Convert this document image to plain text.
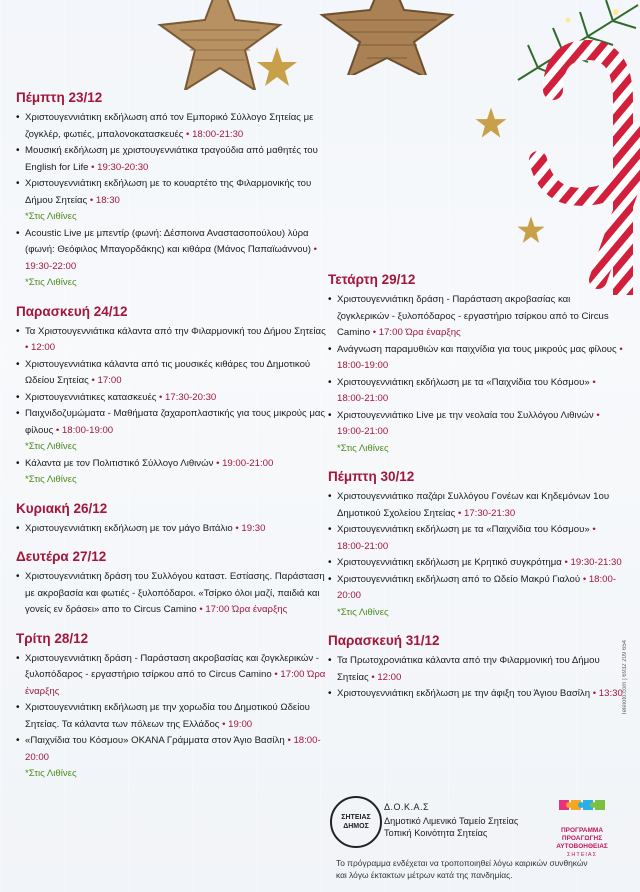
Πέμπτη 23/12
• Χριστουγεννιάτικη εκδήλωση από τον Εμπορικό Σύλλογο Σητείας με ζογκλέρ, φωτιές, μπαλονοκατασκευές • 18:00-21:30
• Μουσική εκδήλωση με χριστουγεννιάτικα τραγούδια από μαθητές του English for Life • 19:30-20:30
• Χριστουγεννιάτικη εκδήλωση με το κουαρτέτο της Φιλαρμονικής του Δήμου Σητείας • 18:30
*Στις Λιθίνες
• Acoustic Live με μπεντίρ (φωνή: Δέσποινα Αναστασοπούλου) λύρα (φωνή: Θεόφιλος Μπαγορδάκης) και κιθάρα (Μάνος Παπαϊωάννου) • 19:30-22:00
*Στις Λιθίνες
Παρασκευή 24/12
• Τα Χριστουγεννιάτικα κάλαντα από την Φιλαρμονική του Δήμου Σητείας • 12:00
• Χριστουγεννιάτικα κάλαντα από τις μουσικές κιθάρες του Δημοτικού Ωδείου Σητείας • 17:00
• Χριστουγεννιάτικες κατασκευές • 17:30-20:30
• Παιχνιδοζυμώματα - Μαθήματα ζαχαροπλαστικής για τους μικρούς μας φίλους • 18:00-19:00
*Στις Λιθίνες
• Κάλαντα με τον Πολιτιστικό Σύλλογο Λιθινών • 19:00-21:00
*Στις Λιθίνες
Κυριακή 26/12
• Χριστουγεννιάτικη εκδήλωση με τον μάγο Βιτάλιο • 19:30
Δευτέρα 27/12
• Χριστουγεννιάτικη δράση του Συλλόγου καταστ. Εστίασης. Παράσταση με ακροβασία και φωτιές - ξυλοπόδαροι. «Τσίρκο όλοι μαζί, παιδιά και γονείς εν δράσει» απο το Circus Camino • 17:00 Ώρα έναρξης
Τρίτη 28/12
• Χριστουγεννιάτικη δράση - Παράσταση ακροβασίας και ζογκλερικών - ξυλοπόδαρος - εργαστήριο τσίρκου από το Circus Camino • 17:00 Ώρα έναρξης
• Χριστουγεννιάτικη εκδήλωση με την χορωδία του Δημοτικού Ωδείου Σητείας. Τα κάλαντα των πόλεων της Ελλάδος • 19:00
• «Παιχνίδια του Κόσμου» ΟΚΑΝΑ Γράμματα στον Άγιο Βασίλη • 18:00-20:00
*Στις Λιθίνες
Τετάρτη 29/12
• Χριστουγεννιάτικη δράση - Παράσταση ακροβασίας και ζογκλερικών - ξυλοπόδαρος - εργαστήριο τσίρκου από το Circus Camino • 17:00 Ώρα έναρξης
• Ανάγνωση παραμυθιών και παιχνίδια για τους μικρούς μας φίλους • 18:00-19:00
• Χριστουγεννιάτικη εκδήλωση με τα «Παιχνίδια του Κόσμου» • 18:00-21:00
• Χριστουγεννιάτικο Live με την νεολαία του Συλλόγου Λιθινών • 19:00-21:00
*Στις Λιθίνες
Πέμπτη 30/12
• Χριστουγεννιάτικο παζάρι Συλλόγου Γονέων και Κηδεμόνων 1ου Δημοτικού Σχολείου Σητείας • 17:30-21:30
• Χριστουγεννιάτικη εκδήλωση με τα «Παιχνίδια του Κόσμου» • 18:00-21:00
• Χριστουγεννιάτικη εκδήλωση με Κρητικό συγκρότημα • 19:30-21:30
• Χριστουγεννιάτικη εκδήλωση από το Ωδείο Μακρύ Γιαλού • 18:00-20:00
*Στις Λιθίνες
Παρασκευή 31/12
• Τα Πρωτοχρονιάτικα κάλαντα από την Φιλαρμονική του Δήμου Σητείας • 12:00
• Χριστουγεννιάτικη εκδήλωση με την άφιξη του Άγιου Βασίλη • 13:30 Teleioto.com | 6932 209 654
ΣΗΤΕΙΑΣ ΔΗΜΟΣ
Δ.Ο.Κ.Α.Σ
Δημοτικό Λιμενικό Ταμείο Σητείας
Τοπική Κοινότητα Σητείας	ΠΡΟΓΡΑΜΜΑ
ΠΡΟΑΓΩΓΗΣ
ΑΥΤΟΒΟΗΘΕΙΑΣ
ΣΗΤΕΙΑΣ
Το πρόγραμμα ενδέχεται να τροποποιηθεί λόγω καιρικών συνθηκών
και λόγω έκτακτων μέτρων κατά της πανδημίας.
